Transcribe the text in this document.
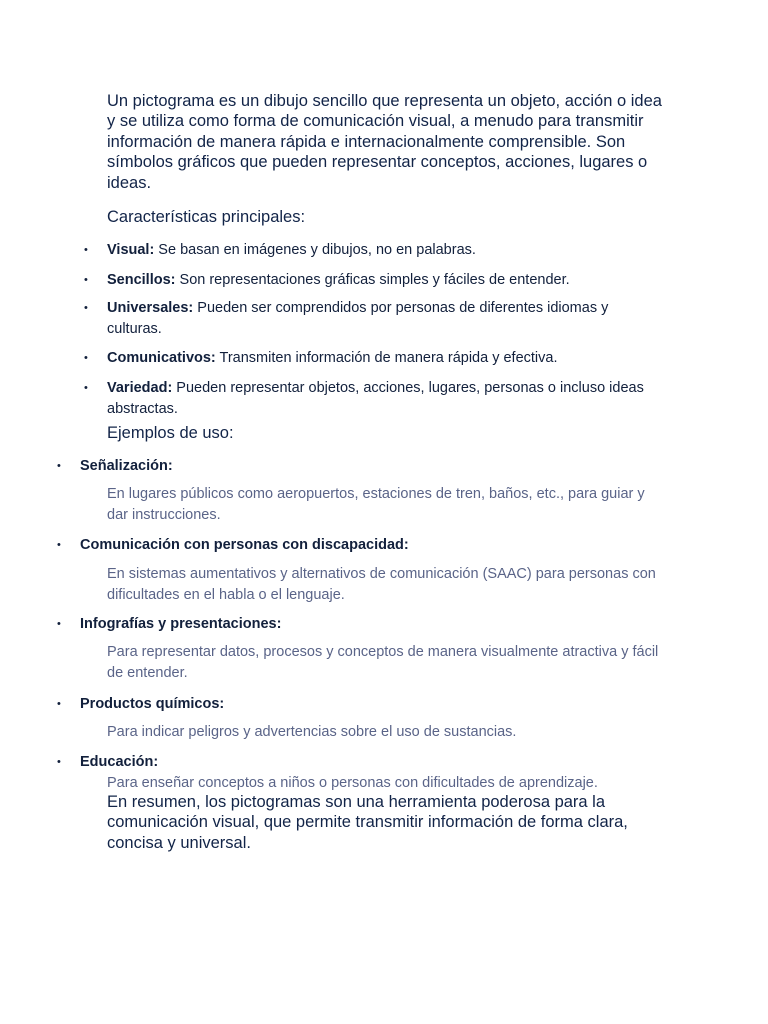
Un pictograma es un dibujo sencillo que representa un objeto, acción o idea y se utiliza como forma de comunicación visual, a menudo para transmitir información de manera rápida e internacionalmente comprensible. Son símbolos gráficos que pueden representar conceptos, acciones, lugares o ideas.

Características principales:

• Visual: Se basan en imágenes y dibujos, no en palabras.
• Sencillos: Son representaciones gráficas simples y fáciles de entender.
• Universales: Pueden ser comprendidos por personas de diferentes idiomas y culturas.
• Comunicativos: Transmiten información de manera rápida y efectiva.
• Variedad: Pueden representar objetos, acciones, lugares, personas o incluso ideas abstractas.

Ejemplos de uso:

• Señalización:
En lugares públicos como aeropuertos, estaciones de tren, baños, etc., para guiar y dar instrucciones.
• Comunicación con personas con discapacidad:
En sistemas aumentativos y alternativos de comunicación (SAAC) para personas con dificultades en el habla o el lenguaje.
• Infografías y presentaciones:
Para representar datos, procesos y conceptos de manera visualmente atractiva y fácil de entender.
• Productos químicos:
Para indicar peligros y advertencias sobre el uso de sustancias.
• Educación:
Para enseñar conceptos a niños o personas con dificultades de aprendizaje.

En resumen, los pictogramas son una herramienta poderosa para la comunicación visual, que permite transmitir información de forma clara, concisa y universal.
